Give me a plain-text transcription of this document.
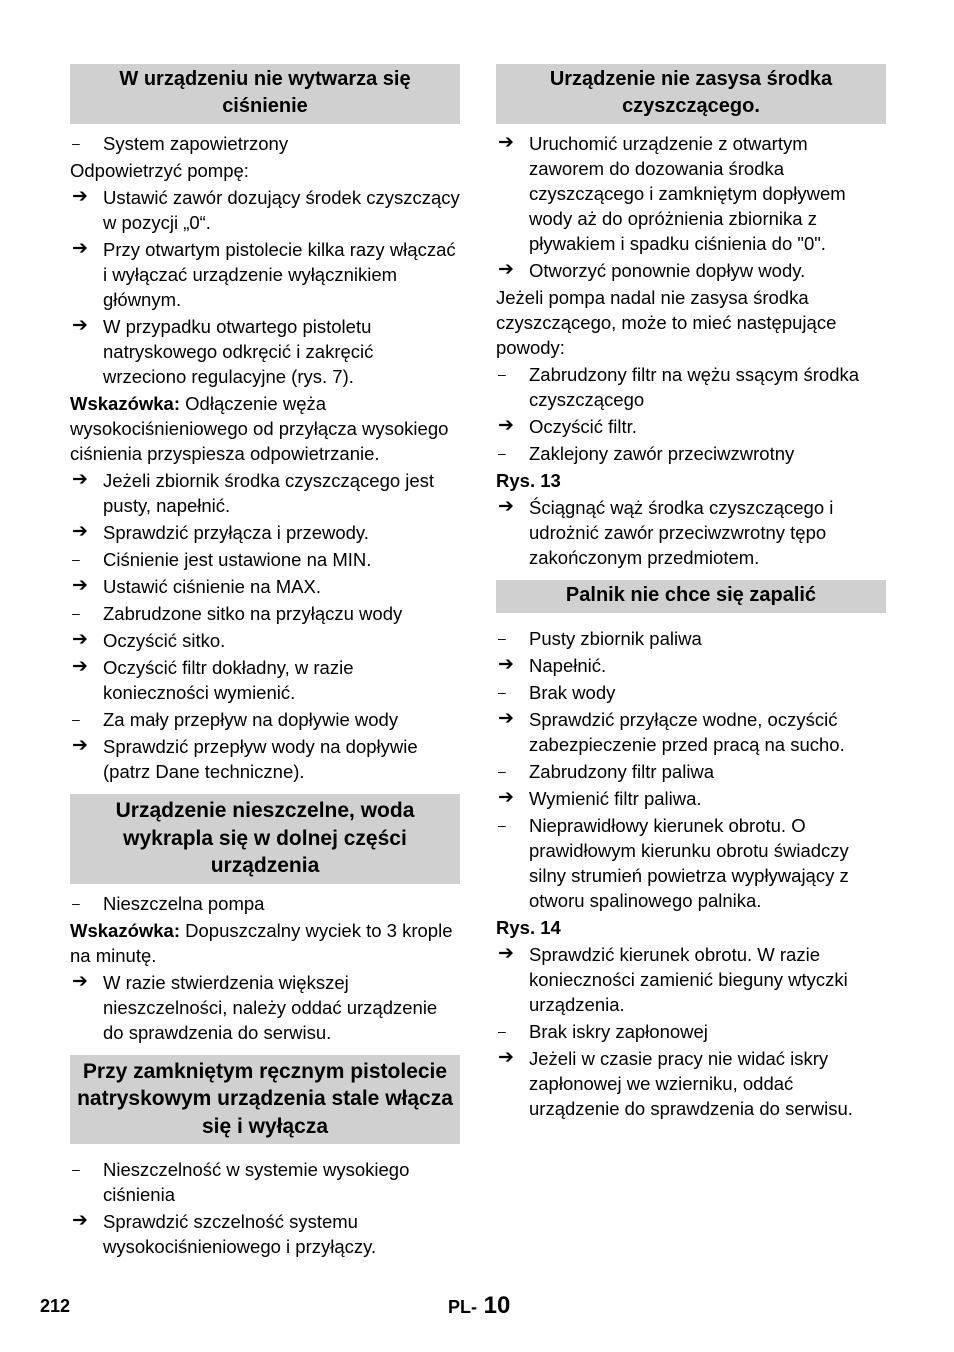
W urządzeniu nie wytwarza się ciśnienie
–	System zapowietrzony
Odpowietrzyć pompę:
➔ Ustawić zawór dozujący środek czyszczący w pozycji „0“.
➔ Przy otwartym pistolecie kilka razy włączać i wyłączać urządzenie wyłącznikiem głównym.
➔ W przypadku otwartego pistoletu natryskowego odkręcić i zakręcić wrzeciono regulacyjne (rys. 7).
Wskazówka: Odłączenie węża wysokociśnieniowego od przyłącza wysokiego ciśnienia przyspiesza odpowietrzanie.
➔ Jeżeli zbiornik środka czyszczącego jest pusty, napełnić.
➔ Sprawdzić przyłącza i przewody.
–	Ciśnienie jest ustawione na MIN.
➔ Ustawić ciśnienie na MAX.
–	Zabrudzone sitko na przyłączu wody
➔ Oczyścić sitko.
➔ Oczyścić filtr dokładny, w razie konieczności wymienić.
–	Za mały przepływ na dopływie wody
➔ Sprawdzić przepływ wody na dopływie (patrz Dane techniczne).
Urządzenie nieszczelne, woda wykrapla się w dolnej części urządzenia
–	Nieszczelna pompa
Wskazówka: Dopuszczalny wyciek to 3 krople na minutę.
➔ W razie stwierdzenia większej nieszczelności, należy oddać urządzenie do sprawdzenia do serwisu.
Przy zamkniętym ręcznym pistolecie natryskowym urządzenia stale włącza się i wyłącza
–	Nieszczelność w systemie wysokiego ciśnienia
➔ Sprawdzić szczelność systemu wysokociśnieniowego i przyłączy.
Urządzenie nie zasysa środka czyszczącego.
➔ Uruchomić urządzenie z otwartym zaworem do dozowania środka czyszczącego i zamkniętym dopływem wody aż do opróżnienia zbiornika z pływakiem i spadku ciśnienia do "0".
➔ Otworzyć ponownie dopływ wody.
Jeżeli pompa nadal nie zasysa środka czyszczącego, może to mieć następujące powody:
–	Zabrudzony filtr na wężu ssącym środka czyszczącego
➔ Oczyścić filtr.
–	Zaklejony zawór przeciwzwrotny
Rys. 13
➔ Ściągnąć wąż środka czyszczącego i udrożnić zawór przeciwzwrotny tępo zakończonym przedmiotem.
Palnik nie chce się zapalić
–	Pusty zbiornik paliwa
➔ Napełnić.
–	Brak wody
➔ Sprawdzić przyłącze wodne, oczyścić zabezpieczenie przed pracą na sucho.
–	Zabrudzony filtr paliwa
➔ Wymienić filtr paliwa.
–	Nieprawidłowy kierunek obrotu. O prawidłowym kierunku obrotu świadczy silny strumień powietrza wypływający z otworu spalinowego palnika.
Rys. 14
➔ Sprawdzić kierunek obrotu. W razie konieczności zamienić bieguny wtyczki urządzenia.
–	Brak iskry zapłonowej
➔ Jeżeli w czasie pracy nie widać iskry zapłonowej we wzierniku, oddać urządzenie do sprawdzenia do serwisu.
212	PL- 10
